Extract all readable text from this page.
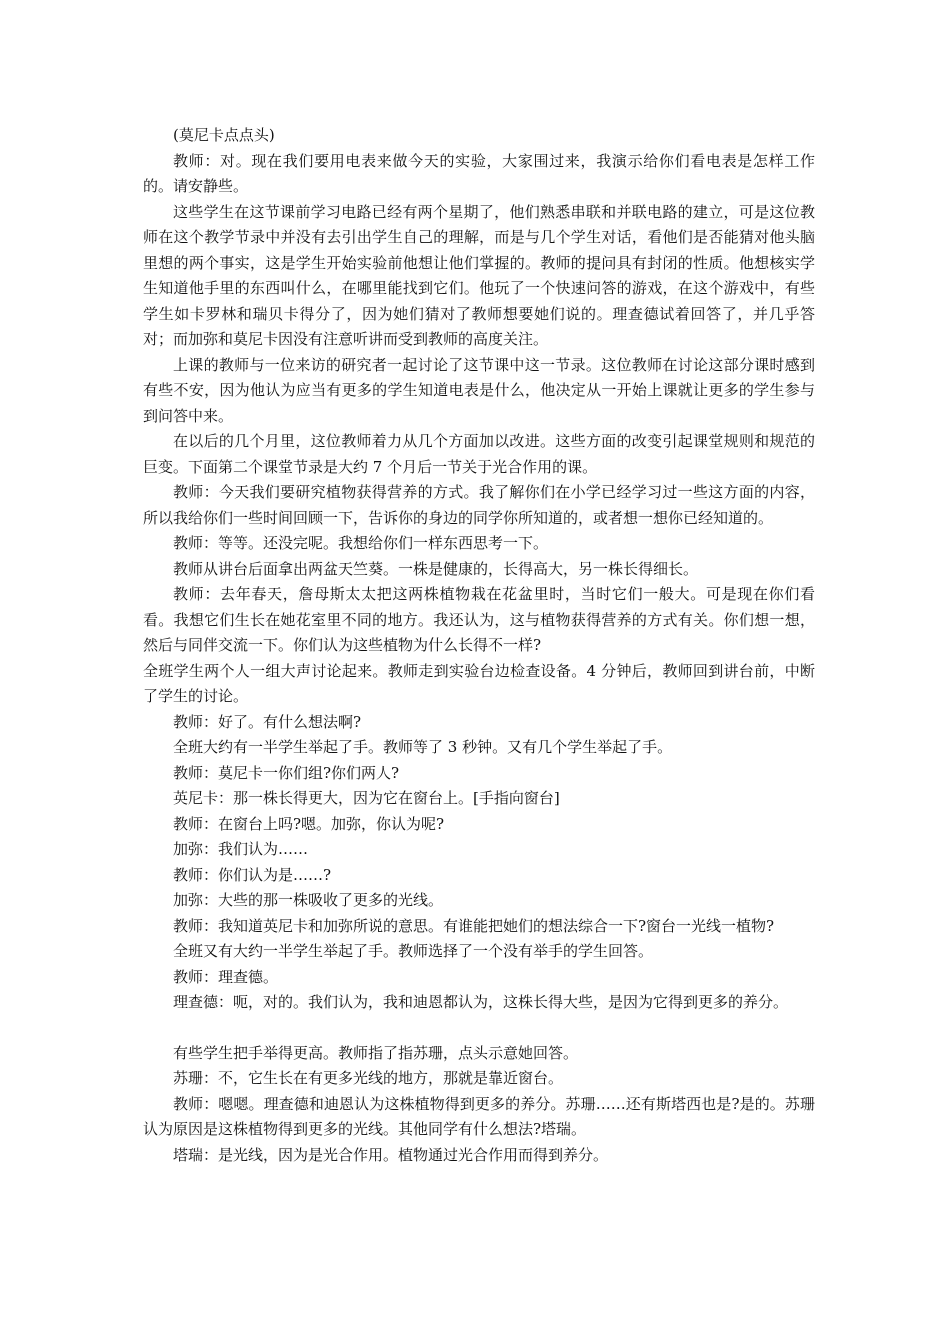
(莫尼卡点点头)

教师：对。现在我们要用电表来做今天的实验，大家围过来，我演示给你们看电表是怎样工作的。请安静些。

这些学生在这节课前学习电路已经有两个星期了，他们熟悉串联和并联电路的建立，可是这位教师在这个教学节录中并没有去引出学生自己的理解，而是与几个学生对话，看他们是否能猜对他头脑里想的两个事实，这是学生开始实验前他想让他们掌握的。教师的提问具有封闭的性质。他想核实学生知道他手里的东西叫什么，在哪里能找到它们。他玩了一个快速问答的游戏，在这个游戏中，有些学生如卡罗林和瑞贝卡得分了，因为她们猜对了教师想要她们说的。理查德试着回答了，并几乎答对；而加弥和莫尼卡因没有注意听讲而受到教师的高度关注。

上课的教师与一位来访的研究者一起讨论了这节课中这一节录。这位教师在讨论这部分课时感到有些不安，因为他认为应当有更多的学生知道电表是什么，他决定从一开始上课就让更多的学生参与到问答中来。

在以后的几个月里，这位教师着力从几个方面加以改进。这些方面的改变引起课堂规则和规范的巨变。下面第二个课堂节录是大约 7 个月后一节关于光合作用的课。

教师：今天我们要研究植物获得营养的方式。我了解你们在小学已经学习过一些这方面的内容，所以我给你们一些时间回顾一下，告诉你的身边的同学你所知道的，或者想一想你已经知道的。

教师：等等。还没完呢。我想给你们一样东西思考一下。

教师从讲台后面拿出两盆天竺葵。一株是健康的，长得高大，另一株长得细长。

教师：去年春天，詹母斯太太把这两株植物栽在花盆里时，当时它们一般大。可是现在你们看看。我想它们生长在她花室里不同的地方。我还认为，这与植物获得营养的方式有关。你们想一想，然后与同伴交流一下。你们认为这些植物为什么长得不一样?

全班学生两个人一组大声讨论起来。教师走到实验台边检查设备。4 分钟后，教师回到讲台前，中断了学生的讨论。

教师：好了。有什么想法啊?

全班大约有一半学生举起了手。教师等了 3 秒钟。又有几个学生举起了手。

教师：莫尼卡一你们组?你们两人?

英尼卡：那一株长得更大，因为它在窗台上。[手指向窗台]

教师：在窗台上吗?嗯。加弥，你认为呢?

加弥：我们认为……

教师：你们认为是……?

加弥：大些的那一株吸收了更多的光线。

教师：我知道英尼卡和加弥所说的意思。有谁能把她们的想法综合一下?窗台一光线一植物?

全班又有大约一半学生举起了手。教师选择了一个没有举手的学生回答。

教师：理查德。

理查德：呃，对的。我们认为，我和迪恩都认为，这株长得大些，是因为它得到更多的养分。

有些学生把手举得更高。教师指了指苏珊，点头示意她回答。

苏珊：不，它生长在有更多光线的地方，那就是靠近窗台。

教师：嗯嗯。理查德和迪恩认为这株植物得到更多的养分。苏珊……还有斯塔西也是?是的。苏珊认为原因是这株植物得到更多的光线。其他同学有什么想法?塔瑞。

塔瑞：是光线，因为是光合作用。植物通过光合作用而得到养分。
